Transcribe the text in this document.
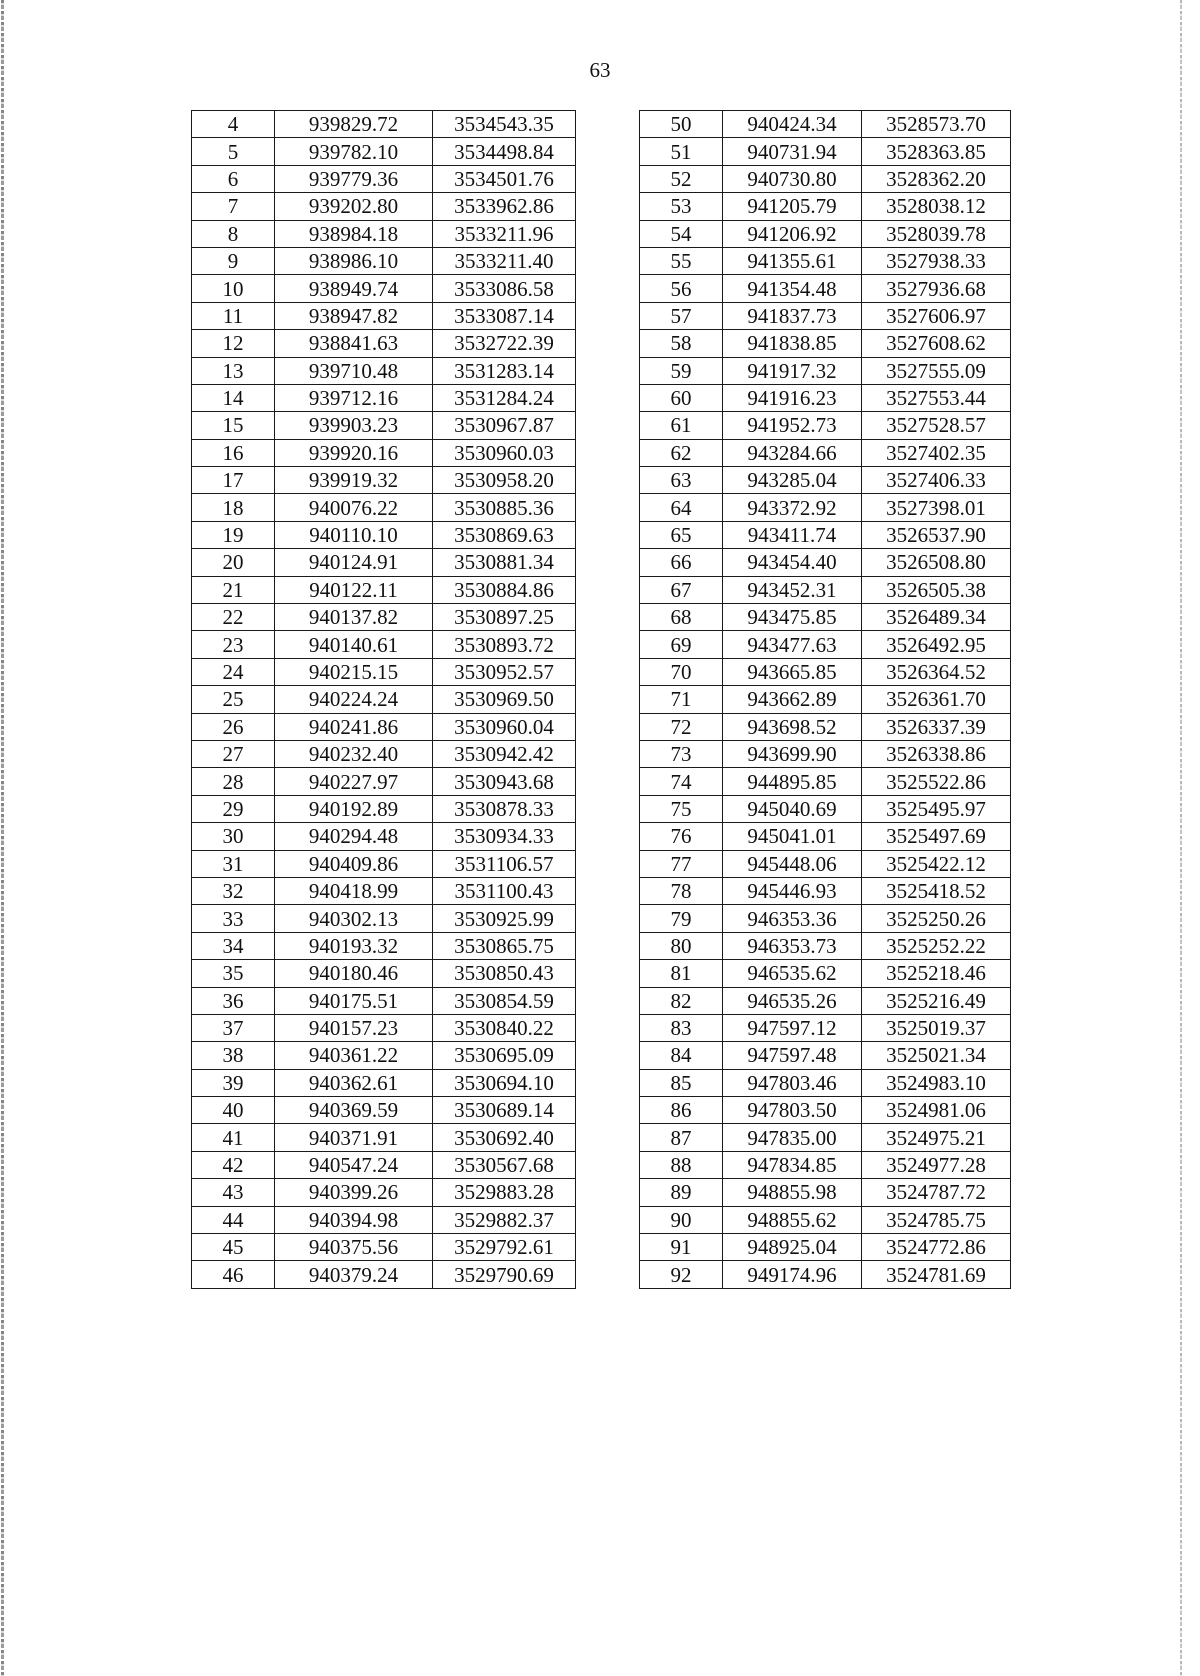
63
4	939829.72	3534543.35
5	939782.10	3534498.84
6	939779.36	3534501.76
7	939202.80	3533962.86
8	938984.18	3533211.96
9	938986.10	3533211.40
10	938949.74	3533086.58
11	938947.82	3533087.14
12	938841.63	3532722.39
13	939710.48	3531283.14
14	939712.16	3531284.24
15	939903.23	3530967.87
16	939920.16	3530960.03
17	939919.32	3530958.20
18	940076.22	3530885.36
19	940110.10	3530869.63
20	940124.91	3530881.34
21	940122.11	3530884.86
22	940137.82	3530897.25
23	940140.61	3530893.72
24	940215.15	3530952.57
25	940224.24	3530969.50
26	940241.86	3530960.04
27	940232.40	3530942.42
28	940227.97	3530943.68
29	940192.89	3530878.33
30	940294.48	3530934.33
31	940409.86	3531106.57
32	940418.99	3531100.43
33	940302.13	3530925.99
34	940193.32	3530865.75
35	940180.46	3530850.43
36	940175.51	3530854.59
37	940157.23	3530840.22
38	940361.22	3530695.09
39	940362.61	3530694.10
40	940369.59	3530689.14
41	940371.91	3530692.40
42	940547.24	3530567.68
43	940399.26	3529883.28
44	940394.98	3529882.37
45	940375.56	3529792.61
46	940379.24	3529790.69
50	940424.34	3528573.70
51	940731.94	3528363.85
52	940730.80	3528362.20
53	941205.79	3528038.12
54	941206.92	3528039.78
55	941355.61	3527938.33
56	941354.48	3527936.68
57	941837.73	3527606.97
58	941838.85	3527608.62
59	941917.32	3527555.09
60	941916.23	3527553.44
61	941952.73	3527528.57
62	943284.66	3527402.35
63	943285.04	3527406.33
64	943372.92	3527398.01
65	943411.74	3526537.90
66	943454.40	3526508.80
67	943452.31	3526505.38
68	943475.85	3526489.34
69	943477.63	3526492.95
70	943665.85	3526364.52
71	943662.89	3526361.70
72	943698.52	3526337.39
73	943699.90	3526338.86
74	944895.85	3525522.86
75	945040.69	3525495.97
76	945041.01	3525497.69
77	945448.06	3525422.12
78	945446.93	3525418.52
79	946353.36	3525250.26
80	946353.73	3525252.22
81	946535.62	3525218.46
82	946535.26	3525216.49
83	947597.12	3525019.37
84	947597.48	3525021.34
85	947803.46	3524983.10
86	947803.50	3524981.06
87	947835.00	3524975.21
88	947834.85	3524977.28
89	948855.98	3524787.72
90	948855.62	3524785.75
91	948925.04	3524772.86
92	949174.96	3524781.69
